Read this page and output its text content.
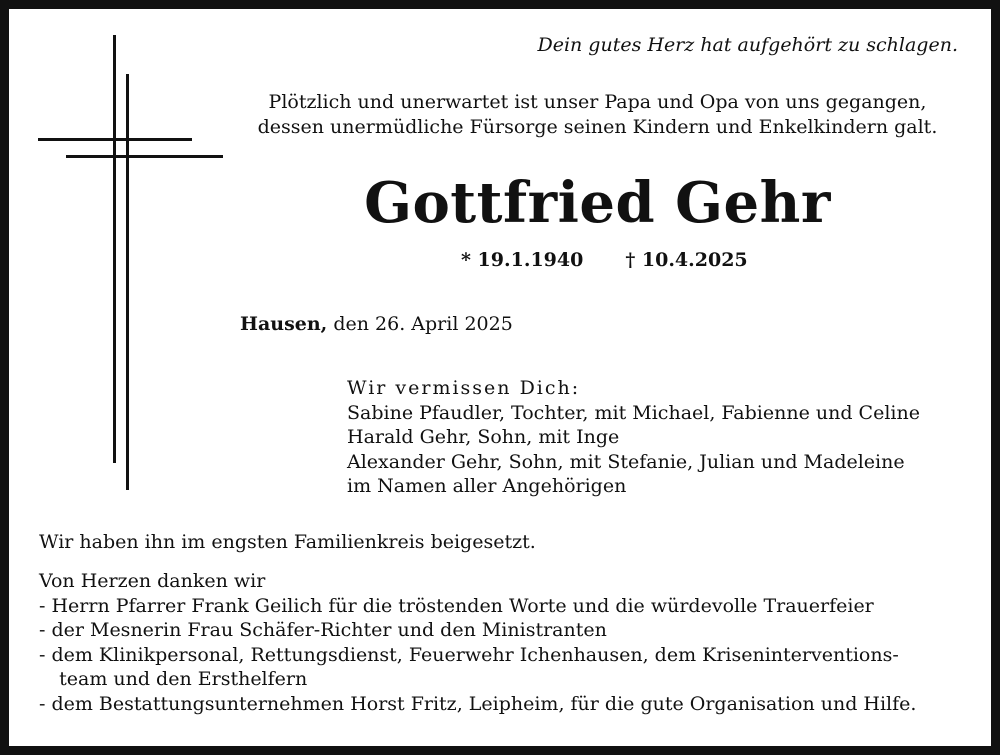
Dein gutes Herz hat aufgehört zu schlagen.
Plötzlich und unerwartet ist unser Papa und Opa von uns gegangen,
dessen unermüdliche Fürsorge seinen Kindern und Enkelkindern galt.
Gottfried Gehr
* 19.1.1940 † 10.4.2025
Hausen, den 26. April 2025
Wir vermissen Dich:
Sabine Pfaudler, Tochter, mit Michael, Fabienne und Celine
Harald Gehr, Sohn, mit Inge
Alexander Gehr, Sohn, mit Stefanie, Julian und Madeleine
im Namen aller Angehörigen
Wir haben ihn im engsten Familienkreis beigesetzt.
Von Herzen danken wir
- Herrn Pfarrer Frank Geilich für die tröstenden Worte und die würdevolle Trauerfeier
- der Mesnerin Frau Schäfer-Richter und den Ministranten
- dem Klinikpersonal, Rettungsdienst, Feuerwehr Ichenhausen, dem Kriseninterventions-
team und den Ersthelfern
- dem Bestattungsunternehmen Horst Fritz, Leipheim, für die gute Organisation und Hilfe.
